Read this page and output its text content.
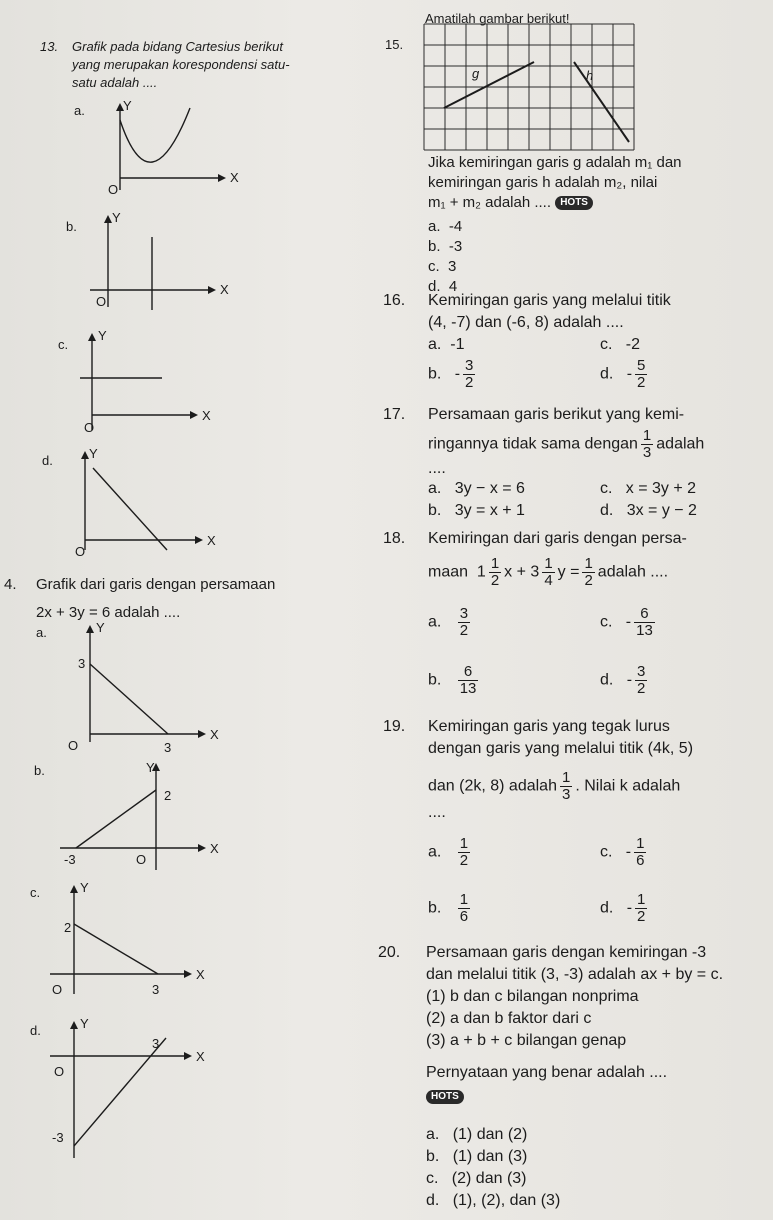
13. Grafik pada bidang Cartesius berikut
yang merupakan korespondensi satu-
satu adalah ....
a.	Y
X
O
b.
Y
X
O
c.
Y
X
O
d.	Y
X
O
4. Grafik dari garis dengan persamaan
2x + 3y = 6 adalah ....
a.	Y
X
O
3
3
b.	Y
X
O
2
-3
c.	Y
X
O
2
3
d.	Y
X
O
3
-3
15.
Amatilah gambar berikut!
g	h
Jika kemiringan garis g adalah m₁ dan
kemiringan garis h adalah m₂, nilai
m₁ + m₂ adalah .... HOTS
a. -4
b. -3
c. 3
d. 4
16. Kemiringan garis yang melalui titik
(4, -7) dan (-6, 8) adalah ....
a. -1	c. -2
b. - $\frac{3}{2}$	d. - $\frac{5}{2}$
17. Persamaan garis berikut yang kemi-
ringannya tidak sama dengan $\frac{1}{3}$ adalah
....
a. 3y − x = 6	c. x = 3y + 2
b. 3y = x + 1	d. 3x = y − 2
18. Kemiringan dari garis dengan persa-
maan $1 \frac{1}{2}$ $x + 3 \frac{1}{4}$ $y = \frac{1}{2}$ adalah ....
a. $\frac{3}{2}$	c. - $\frac{6}{13}$
b. $\frac{6}{13}$	d. - $\frac{3}{2}$
19. Kemiringan garis yang tegak lurus
dengan garis yang melalui titik (4k, 5)
dan (2k, 8) adalah $\frac{1}{3}$ . Nilai k adalah
....
a. $\frac{1}{2}$	c. - $\frac{1}{6}$
b. $\frac{1}{6}$	d. - $\frac{1}{2}$
20. Persamaan garis dengan kemiringan -3
dan melalui titik (3, -3) adalah ax + by = c.
(1) b dan c bilangan nonprima
(2) a dan b faktor dari c
(3) a + b + c bilangan genap
Pernyataan yang benar adalah ....
HOTS
a. (1) dan (2)
b. (1) dan (3)
c. (2) dan (3)
d. (1), (2), dan (3)
